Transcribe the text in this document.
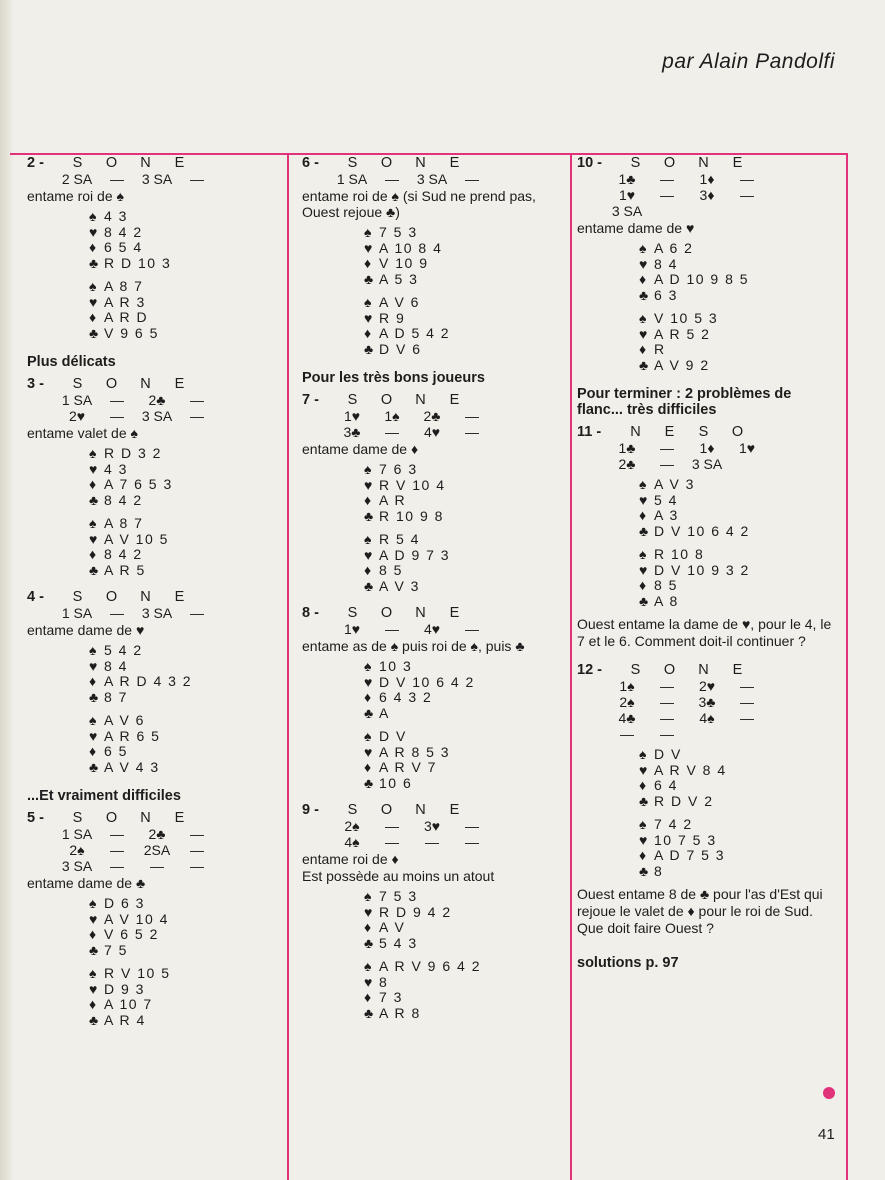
par Alain Pandolfi
2 -	S	O	N	E
2 SA	—	3 SA	—
entame roi de ♠
♠ 4 3
♥ 8 4 2
♦ 6 5 4
♣ R D 10 3
♠ A 8 7
♥ A R 3
♦ A R D
♣ V 9 6 5
Plus délicats
3 -	S	O	N	E
1 SA	—	2♣	—
2♥	—	3 SA	—
entame valet de ♠
♠ R D 3 2
♥ 4 3
♦ A 7 6 5 3
♣ 8 4 2
♠ A 8 7
♥ A V 10 5
♦ 8 4 2
♣ A R 5
4 -	S	O	N	E
1 SA	—	3 SA	—
entame dame de ♥
♠ 5 4 2
♥ 8 4
♦ A R D 4 3 2
♣ 8 7
♠ A V 6
♥ A R 6 5
♦ 6 5
♣ A V 4 3
...Et vraiment difficiles
5 -	S	O	N	E
1 SA	—	2♣	—
2♠	—	2SA	—
3 SA	—	—	—
entame dame de ♣
♠ D 6 3
♥ A V 10 4
♦ V 6 5 2
♣ 7 5
♠ R V 10 5
♥ D 9 3
♦ A 10 7
♣ A R 4
6 -	S	O	N	E
1 SA	—	3 SA	—
entame roi de ♠ (si Sud ne prend pas, Ouest rejoue ♣)
♠ 7 5 3
♥ A 10 8 4
♦ V 10 9
♣ A 5 3
♠ A V 6
♥ R 9
♦ A D 5 4 2
♣ D V 6
Pour les très bons joueurs
7 -	S	O	N	E
1♥	1♠	2♣	—
3♣	—	4♥	—
entame dame de ♦
♠ 7 6 3
♥ R V 10 4
♦ A R
♣ R 10 9 8
♠ R 5 4
♥ A D 9 7 3
♦ 8 5
♣ A V 3
8 -	S	O	N	E
1♥	—	4♥	—
entame as de ♠ puis roi de ♠, puis ♣
♠ 10 3
♥ D V 10 6 4 2
♦ 6 4 3 2
♣ A
♠ D V
♥ A R 8 5 3
♦ A R V 7
♣ 10 6
9 -	S	O	N	E
2♠	—	3♥	—
4♠	—	—	—
entame roi de ♦
Est possède au moins un atout
♠ 7 5 3
♥ R D 9 4 2
♦ A V
♣ 5 4 3
♠ A R V 9 6 4 2
♥ 8
♦ 7 3
♣ A R 8
10 -	S	O	N	E
1♣	—	1♦	—
1♥	—	3♦	—
3 SA
entame dame de ♥
♠ A 6 2
♥ 8 4
♦ A D 10 9 8 5
♣ 6 3
♠ V 10 5 3
♥ A R 5 2
♦ R
♣ A V 9 2
Pour terminer : 2 problèmes de flanc... très difficiles
11 -	N	E	S	O
1♣	—	1♦	1♥
2♣	—	3 SA
♠ A V 3
♥ 5 4
♦ A 3
♣ D V 10 6 4 2
♠ R 10 8
♥ D V 10 9 3 2
♦ 8 5
♣ A 8
Ouest entame la dame de ♥, pour le 4, le 7 et le 6. Comment doit-il continuer ?
12 -	S	O	N	E
1♠	—	2♥	—
2♠	—	3♣	—
4♣	—	4♠	—
—	—
♠ D V
♥ A R V 8 4
♦ 6 4
♣ R D V 2
♠ 7 4 2
♥ 10 7 5 3
♦ A D 7 5 3
♣ 8
Ouest entame 8 de ♣ pour l'as d'Est qui rejoue le valet de ♦ pour le roi de Sud. Que doit faire Ouest ?
solutions p. 97
41
